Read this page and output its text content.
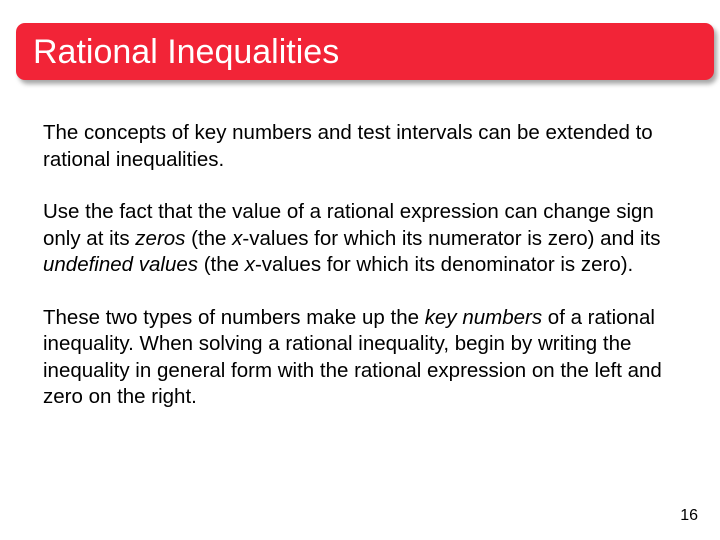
Rational Inequalities

The concepts of key numbers and test intervals can be extended to rational inequalities.

Use the fact that the value of a rational expression can change sign only at its zeros (the x-values for which its numerator is zero) and its undefined values (the x-values for which its denominator is zero).

These two types of numbers make up the key numbers of a rational inequality. When solving a rational inequality, begin by writing the inequality in general form with the rational expression on the left and zero on the right.

16
